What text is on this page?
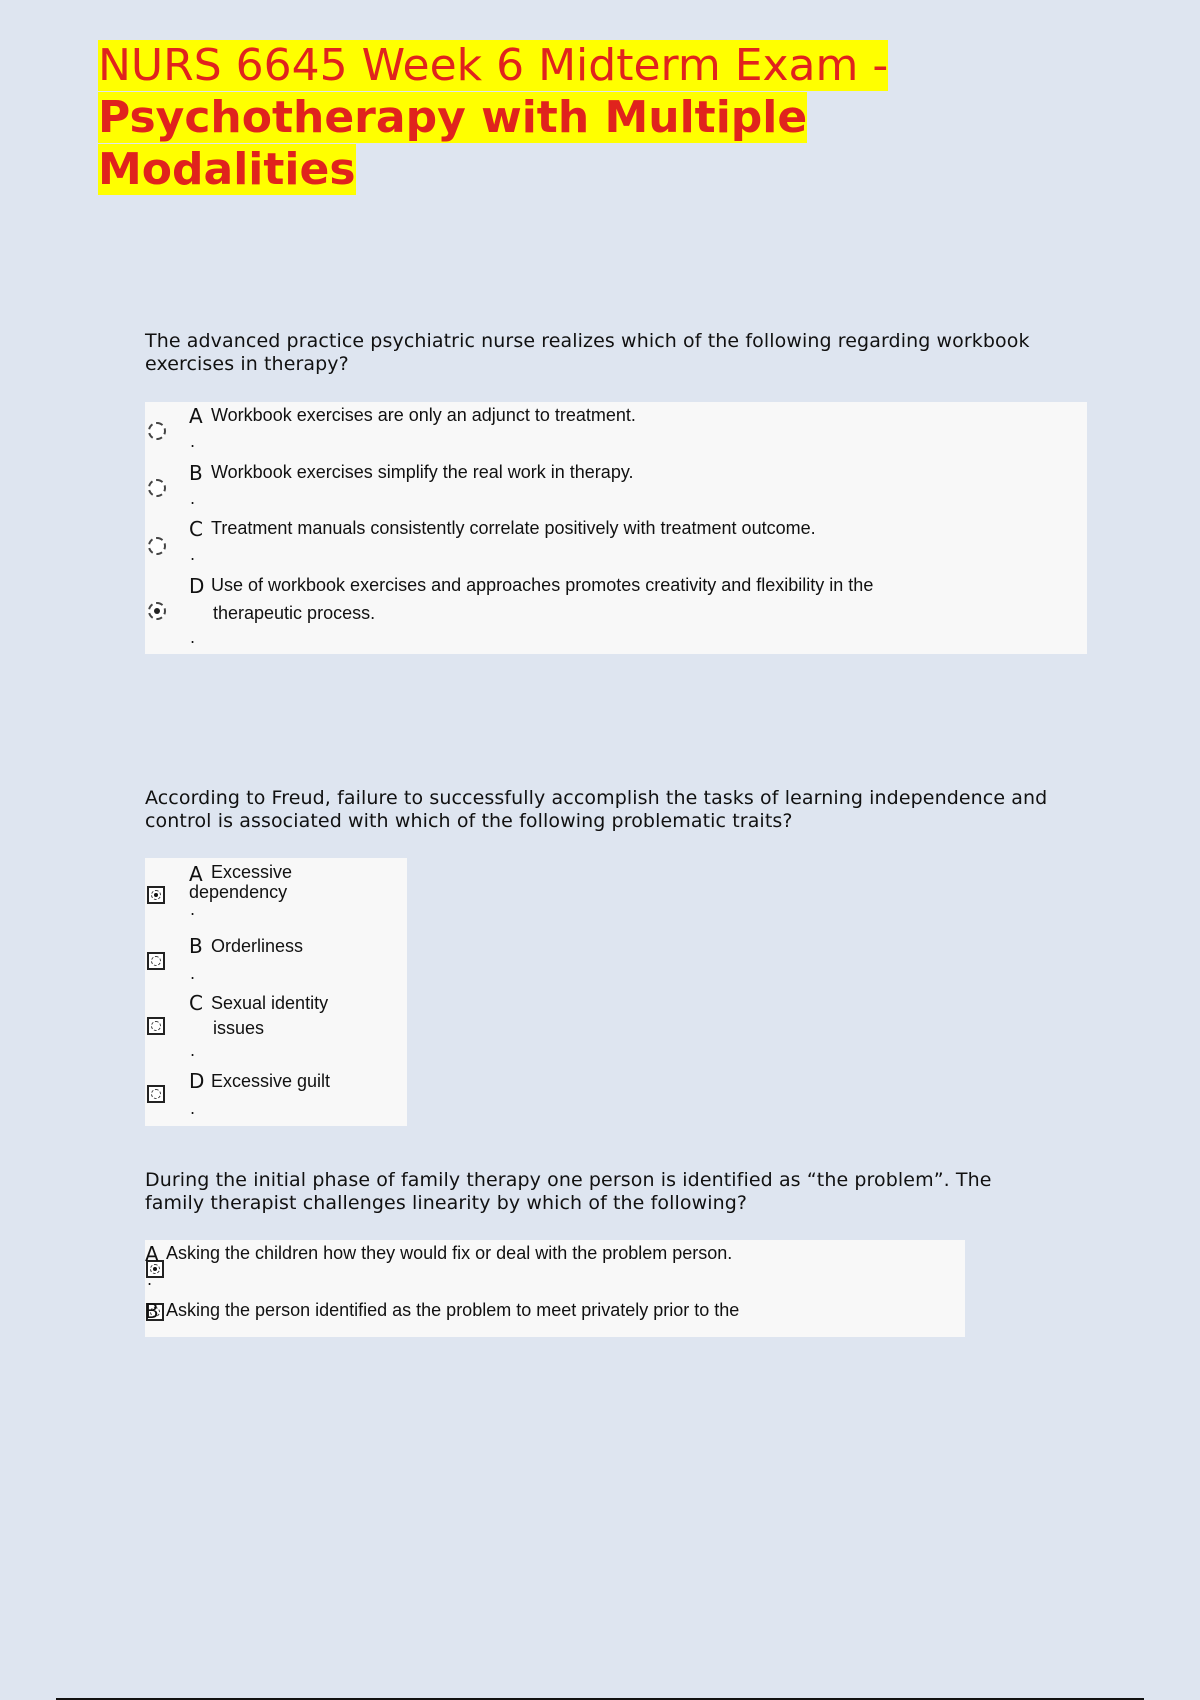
NURS 6645 Week 6 Midterm Exam -
Psychotherapy with Multiple
Modalities
The advanced practice psychiatric nurse realizes which of the following regarding workbook exercises in therapy?
A
.
Workbook exercises are only an adjunct to treatment.
B
.
Workbook exercises simplify the real work in therapy.
C
.
Treatment manuals consistently correlate positively with treatment outcome.
D
.
Use of workbook exercises and approaches promotes creativity and flexibility in the
therapeutic process.
According to Freud, failure to successfully accomplish the tasks of learning independence and control is associated with which of the following problematic traits?
A Excessive
dependency
.
B Orderliness
.
C Sexual identity
issues
.
D Excessive guilt
.
During the initial phase of family therapy one person is identified as “the problem”. The family therapist challenges linearity by which of the following?
A
.
Asking the children how they would fix or deal with the problem person.
B Asking the person identified as the problem to meet privately prior to the
